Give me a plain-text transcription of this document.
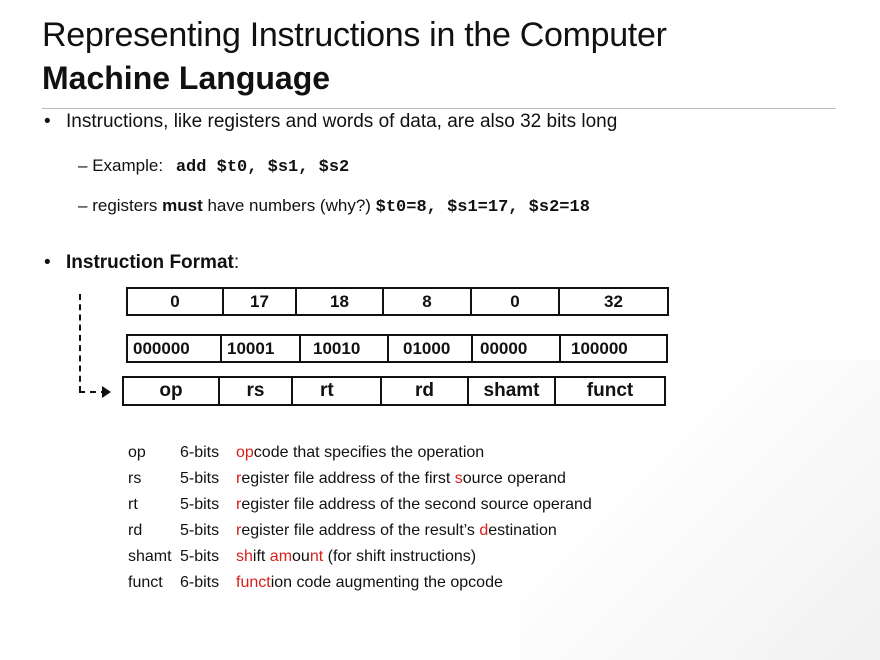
Representing Instructions in the Computer
Machine Language
• Instructions, like registers and words of data, are also 32 bits long
– Example: add $t0, $s1, $s2
– registers must have numbers (why?) $t0=8, $s1=17, $s2=18
• Instruction Format:
0	17	18	8	0	32
000000	10001	10010	01000	00000	100000
op	rs	rt	rd	shamt	funct
op	6-bits	opcode that specifies the operation
rs	5-bits	register file address of the first source operand
rt	5-bits	register file address of the second source operand
rd	5-bits	register file address of the result’s destination
shamt 5-bits	shift amount (for shift instructions)
funct	6-bits	function code augmenting the opcode
